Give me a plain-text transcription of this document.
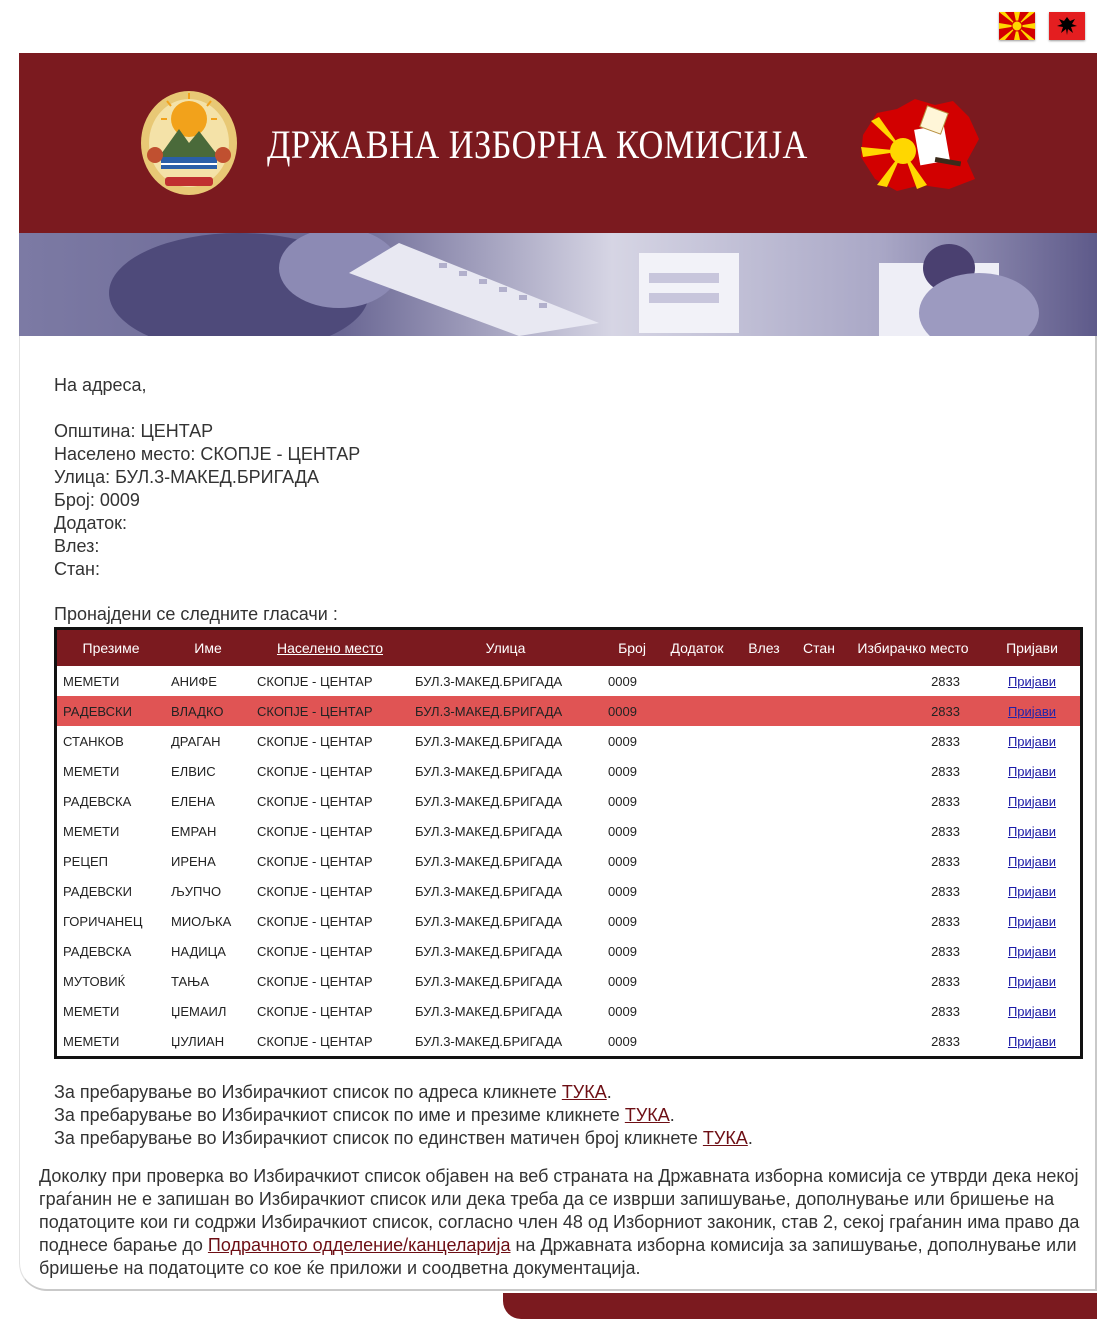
ДРЖАВНА ИЗБОРНА КОМИСИЈА
На адреса,
Општина: ЦЕНТАР
Населено место: СКОПЈЕ - ЦЕНТАР
Улица: БУЛ.3-МАКЕД.БРИГАДА
Број: 0009
Додаток:
Влез:
Стан:
Пронајдени се следните гласачи :
Презиме	Име	Населено место	Улица	Број	Додаток	Влез	Стан	Избирачко место	Пријави
МЕМЕТИ	АНИФЕ	СКОПЈЕ - ЦЕНТАР	БУЛ.3-МАКЕД.БРИГАДА	0009				2833	Пријави
РАДЕВСКИ	ВЛАДКО	СКОПЈЕ - ЦЕНТАР	БУЛ.3-МАКЕД.БРИГАДА	0009				2833	Пријави
СТАНКОВ	ДРАГАН	СКОПЈЕ - ЦЕНТАР	БУЛ.3-МАКЕД.БРИГАДА	0009				2833	Пријави
МЕМЕТИ	ЕЛВИС	СКОПЈЕ - ЦЕНТАР	БУЛ.3-МАКЕД.БРИГАДА	0009				2833	Пријави
РАДЕВСКА	ЕЛЕНА	СКОПЈЕ - ЦЕНТАР	БУЛ.3-МАКЕД.БРИГАДА	0009				2833	Пријави
МЕМЕТИ	ЕМРАН	СКОПЈЕ - ЦЕНТАР	БУЛ.3-МАКЕД.БРИГАДА	0009				2833	Пријави
РЕЦЕП	ИРЕНА	СКОПЈЕ - ЦЕНТАР	БУЛ.3-МАКЕД.БРИГАДА	0009				2833	Пријави
РАДЕВСКИ	ЉУПЧО	СКОПЈЕ - ЦЕНТАР	БУЛ.3-МАКЕД.БРИГАДА	0009				2833	Пријави
ГОРИЧАНЕЦ	МИОЉКА	СКОПЈЕ - ЦЕНТАР	БУЛ.3-МАКЕД.БРИГАДА	0009				2833	Пријави
РАДЕВСКА	НАДИЦА	СКОПЈЕ - ЦЕНТАР	БУЛ.3-МАКЕД.БРИГАДА	0009				2833	Пријави
МУТОВИЌ	ТАЊА	СКОПЈЕ - ЦЕНТАР	БУЛ.3-МАКЕД.БРИГАДА	0009				2833	Пријави
МЕМЕТИ	ЏЕМАИЛ	СКОПЈЕ - ЦЕНТАР	БУЛ.3-МАКЕД.БРИГАДА	0009				2833	Пријави
МЕМЕТИ	ЏУЛИАН	СКОПЈЕ - ЦЕНТАР	БУЛ.3-МАКЕД.БРИГАДА	0009				2833	Пријави
За пребарување во Избирачкиот список по адреса кликнете ТУКА.
За пребарување во Избирачкиот список по име и презиме кликнете ТУКА.
За пребарување во Избирачкиот список по единствен матичен број кликнете ТУКА.
Доколку при проверка во Избирачкиот список објавен на веб страната на Државната изборна комисија се утврди дека некој граѓанин не е запишан во Избирачкиот список или дека треба да се изврши запишување, дополнување или бришење на податоците кои ги содржи Избирачкиот список, согласно член 48 од Изборниот законик, став 2, секој граѓанин има право да поднесе барање до Подрачното одделение/канцеларија на Државната изборна комисија за запишување, дополнување или бришење на податоците со кое ќе приложи и соодветна документација.
